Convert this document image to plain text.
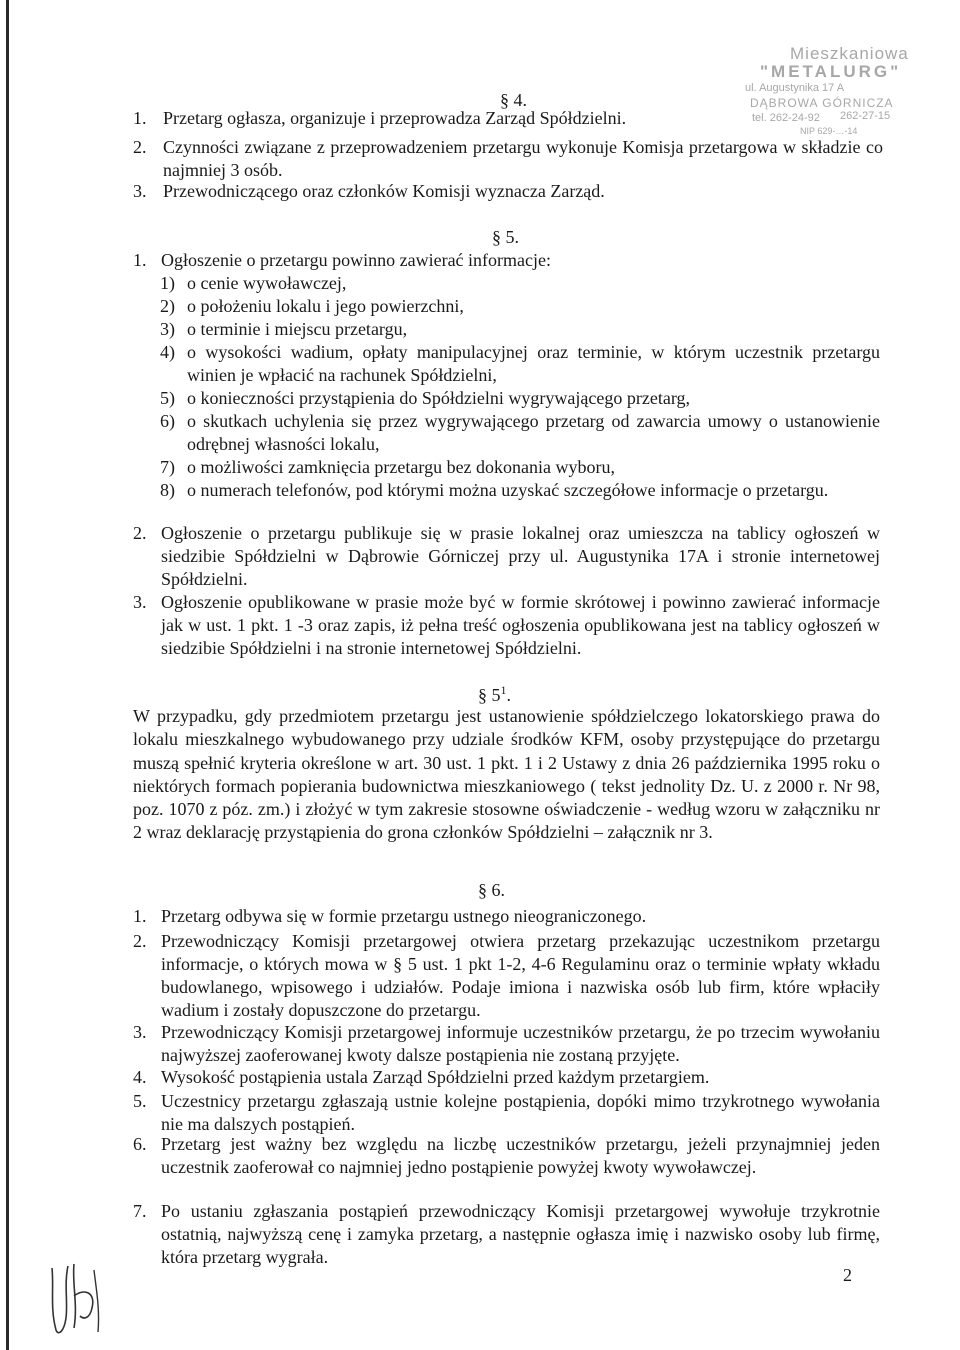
Mieszkaniowa
"METALURG"
ul. Augustynika 17 A
DĄBROWA GÓRNICZA
tel. 262-24-92 262-27-15
NIP 629-…-14
§ 4.
1. Przetarg ogłasza, organizuje i przeprowadza Zarząd Spółdzielni.
2. Czynności związane z przeprowadzeniem przetargu wykonuje Komisja przetargowa w składzie co najmniej 3 osób.
3. Przewodniczącego oraz członków Komisji wyznacza Zarząd.
§ 5.
1. Ogłoszenie o przetargu powinno zawierać informacje:
1) o cenie wywoławczej,
2) o położeniu lokalu i jego powierzchni,
3) o terminie i miejscu przetargu,
4) o wysokości wadium, opłaty manipulacyjnej oraz terminie, w którym uczestnik przetargu winien je wpłacić na rachunek Spółdzielni,
5) o konieczności przystąpienia do Spółdzielni wygrywającego przetarg,
6) o skutkach uchylenia się przez wygrywającego przetarg od zawarcia umowy o ustanowienie odrębnej własności lokalu,
7) o możliwości zamknięcia przetargu bez dokonania wyboru,
8) o numerach telefonów, pod którymi można uzyskać szczegółowe informacje o przetargu.
2. Ogłoszenie o przetargu publikuje się w prasie lokalnej oraz umieszcza na tablicy ogłoszeń w siedzibie Spółdzielni w Dąbrowie Górniczej przy ul. Augustynika 17A i stronie internetowej Spółdzielni.
3. Ogłoszenie opublikowane w prasie może być w formie skrótowej i powinno zawierać informacje jak w ust. 1 pkt. 1 -3 oraz zapis, iż pełna treść ogłoszenia opublikowana jest na tablicy ogłoszeń w siedzibie Spółdzielni i na stronie internetowej Spółdzielni.
§ $5^1$.
W przypadku, gdy przedmiotem przetargu jest ustanowienie spółdzielczego lokatorskiego prawa do lokalu mieszkalnego wybudowanego przy udziale środków KFM, osoby przystępujące do przetargu muszą spełnić kryteria określone w art. 30 ust. 1 pkt. 1 i 2 Ustawy z dnia 26 października 1995 roku o niektórych formach popierania budownictwa mieszkaniowego ( tekst jednolity Dz. U. z 2000 r. Nr 98, poz. 1070 z póz. zm.) i złożyć w tym zakresie stosowne oświadczenie - według wzoru w załączniku nr 2 wraz deklarację przystąpienia do grona członków Spółdzielni – załącznik nr 3.
§ 6.
1. Przetarg odbywa się w formie przetargu ustnego nieograniczonego.
2. Przewodniczący Komisji przetargowej otwiera przetarg przekazując uczestnikom przetargu informacje, o których mowa w § 5 ust. 1 pkt 1-2, 4-6 Regulaminu oraz o terminie wpłaty wkładu budowlanego, wpisowego i udziałów. Podaje imiona i nazwiska osób lub firm, które wpłaciły wadium i zostały dopuszczone do przetargu.
3. Przewodniczący Komisji przetargowej informuje uczestników przetargu, że po trzecim wywołaniu najwyższej zaoferowanej kwoty dalsze postąpienia nie zostaną przyjęte.
4. Wysokość postąpienia ustala Zarząd Spółdzielni przed każdym przetargiem.
5. Uczestnicy przetargu zgłaszają ustnie kolejne postąpienia, dopóki mimo trzykrotnego wywołania nie ma dalszych postąpień.
6. Przetarg jest ważny bez względu na liczbę uczestników przetargu, jeżeli przynajmniej jeden uczestnik zaoferował co najmniej jedno postąpienie powyżej kwoty wywoławczej.
7. Po ustaniu zgłaszania postąpień przewodniczący Komisji przetargowej wywołuje trzykrotnie ostatnią, najwyższą cenę i zamyka przetarg, a następnie ogłasza imię i nazwisko osoby lub firmę, która przetarg wygrała.
2
